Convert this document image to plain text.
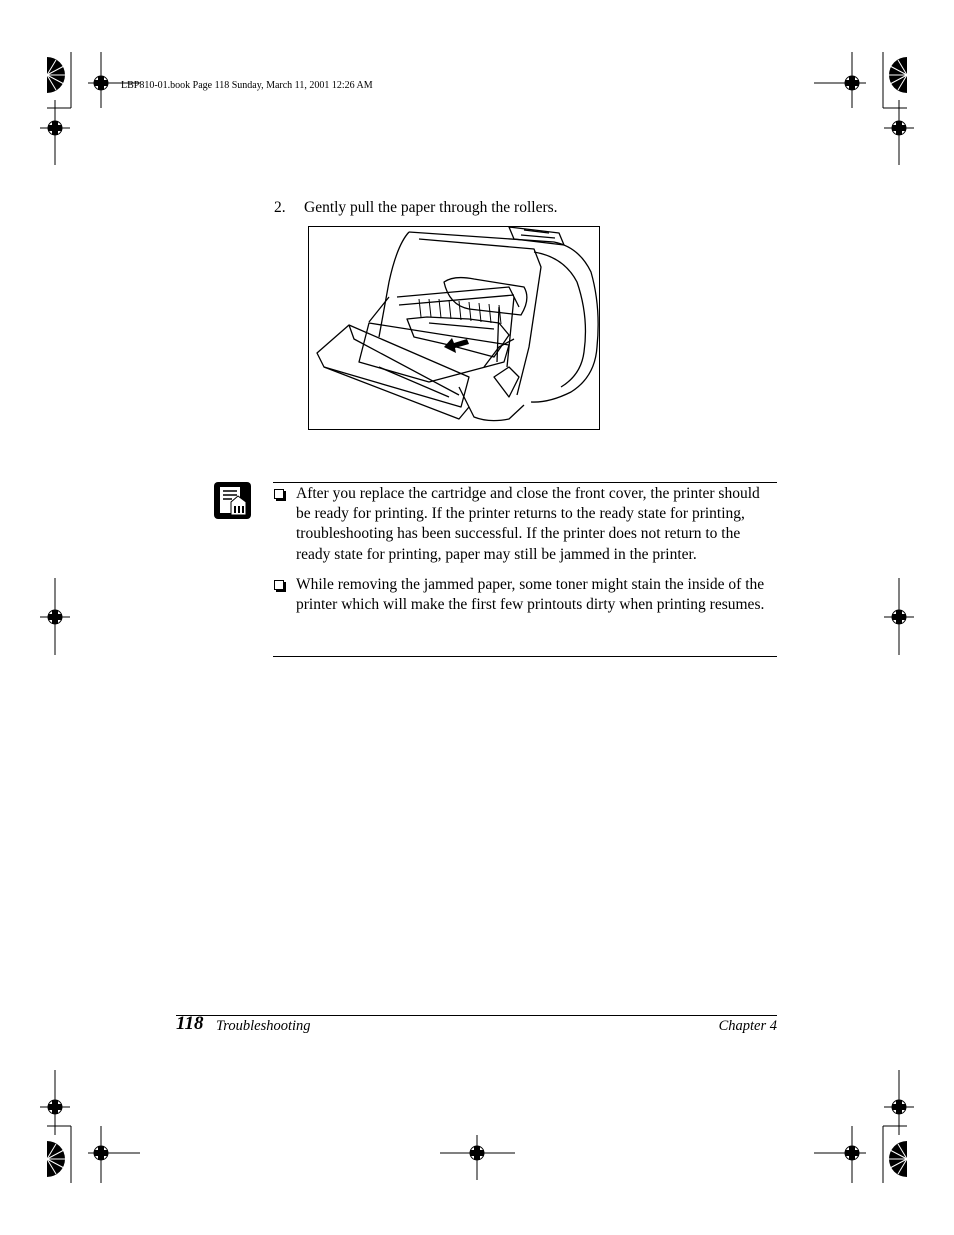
LBP810-01.book Page 118 Sunday, March 11, 2001 12:26 AM
2. Gently pull the paper through the rollers.
After you replace the cartridge and close the front cover, the printer should be ready for printing. If the printer returns to the ready state for printing, troubleshooting has been successful. If the printer does not return to the ready state for printing, paper may still be jammed in the printer.
While removing the jammed paper, some toner might stain the inside of the printer which will make the first few printouts dirty when printing resumes.
118 Troubleshooting	Chapter 4
